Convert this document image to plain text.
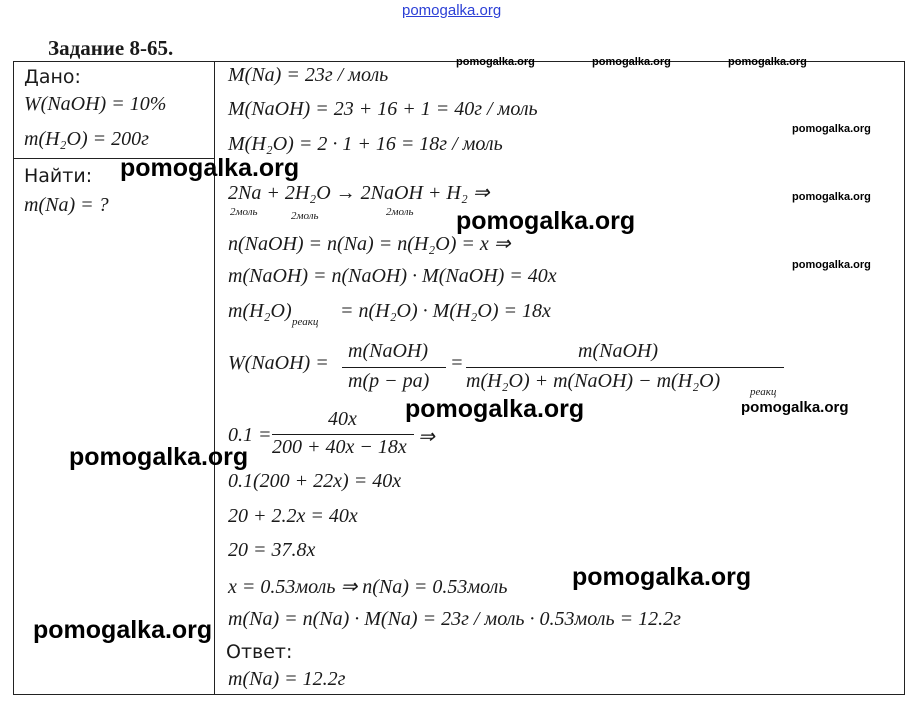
pomogalka.org
Задание 8-65.
Дано:
W(NaOH) = 10%
m(H₂O) = 200г
Найти:
m(Na) = ?
M(Na) = 23г / моль
M(NaOH) = 23 + 16 + 1 = 40г / моль
M(H₂O) = 2 · 1 + 16 = 18г / моль
2Na + 2H₂O → 2NaOH + H₂ ⇒
2моль	2моль	2моль
n(NaOH) = n(Na) = n(H₂O) = x ⇒
m(NaOH) = n(NaOH) · M(NaOH) = 40x
m(H₂O) реакц = n(H₂O) · M(H₂O) = 18x
W(NaOH) =
m(NaOH)
m(р − ра)
=
m(NaOH)
m(H₂O) + m(NaOH) − m(H₂O)	реакц
0.1 =
40x
200 + 40x − 18x ⇒
0.1(200 + 22x) = 40x
20 + 2.2x = 40x
20 = 37.8x
x = 0.53моль ⇒ n(Na) = 0.53моль
m(Na) = n(Na) · M(Na) = 23г / моль · 0.53моль = 12.2г
Ответ:
m(Na) = 12.2г
pomogalka.org	pomogalka.org	pomogalka.org
pomogalka.org
pomogalka.org
pomogalka.org
pomogalka.org
pomogalka.org
pomogalka.org	pomogalka.org
pomogalka.org
pomogalka.org
pomogalka.org
